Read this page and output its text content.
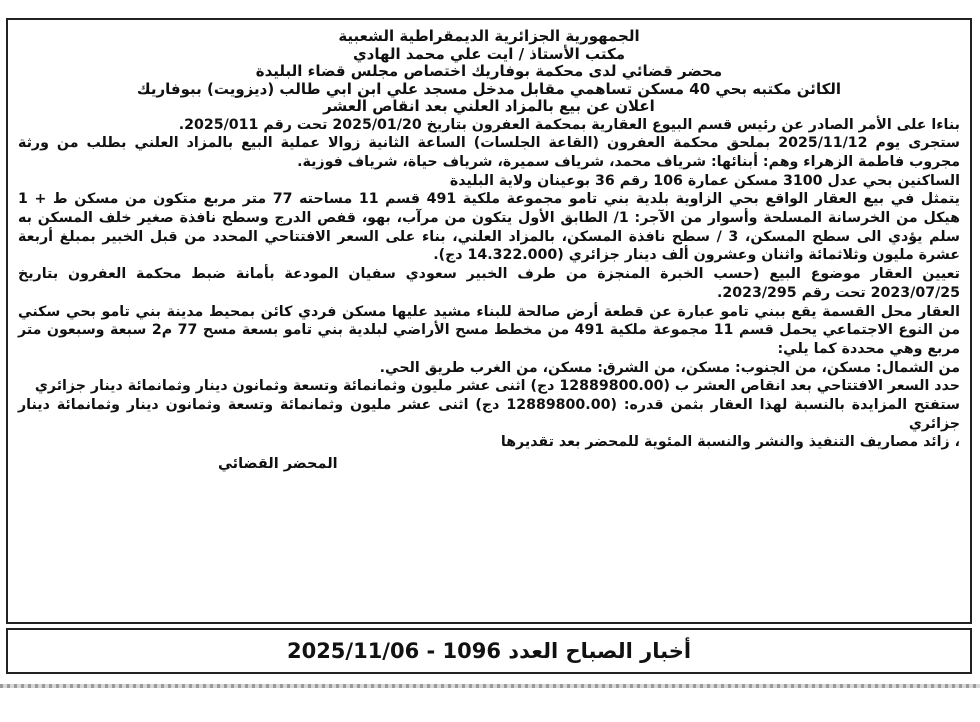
الجمهورية الجزائرية الديمقراطية الشعبية

مكتب الأستاذ / ايت علي محمد الهادي

محضر قضائي لدى محكمة بوفاريك اختصاص مجلس قضاء البليدة

الكائن مكتبه بحي 40 مسكن تساهمي مقابل مدخل مسجد علي ابن ابي طالب (ديزويت) ببوفاريك

اعلان عن بيع بالمزاد العلني بعد انقاص العشر

بناءا على الأمر الصادر عن رئيس قسم البيوع العقارية بمحكمة العفرون بتاريخ 2025/01/20 تحت رقم 2025/011.

ستجرى يوم 2025/11/12 بملحق محكمة العفرون (القاعة الجلسات) الساعة الثانية زوالا عملية البيع بالمزاد العلني بطلب من ورثة مجروب فاطمة الزهراء وهم: أبنائها: شرياف محمد، شرياف سميرة، شرياف حياة، شرياف فوزية.

الساكنين بحي عدل 3100 مسكن عمارة 106 رقم 36 بوعينان ولاية البليدة

يتمثل في بيع العقار الواقع بحي الزاوية بلدية بني تامو مجموعة ملكية 491 قسم 11 مساحته 77 متر مربع متكون من مسكن ط + 1 هيكل من الخرسانة المسلحة وأسوار من الآجر: 1/ الطابق الأول يتكون من مرآب، بهو، قفص الدرج وسطح نافذة صغير خلف المسكن به سلم يؤدي الى سطح المسكن، 3 / سطح نافذة المسكن، بالمزاد العلني، بناء على السعر الافتتاحي المحدد من قبل الخبير بمبلغ أربعة عشرة مليون وثلاثمائة واثنان وعشرون ألف دينار جزائري (14.322.000 دج).

تعيين العقار موضوع البيع (حسب الخبرة المنجزة من طرف الخبير سعودي سفيان المودعة بأمانة ضبط محكمة العفرون بتاريخ 2023/07/25 تحت رقم 2023/295.

العقار محل القسمة يقع ببني تامو عبارة عن قطعة أرض صالحة للبناء مشيد عليها مسكن فردي كائن بمحيط مدينة بني تامو بحي سكني من النوع الاجتماعي يحمل قسم 11 مجموعة ملكية 491 من مخطط مسح الأراضي لبلدية بني تامو بسعة مسح 77 م2 سبعة وسبعون متر مربع وهي محددة كما يلي:

من الشمال: مسكن، من الجنوب: مسكن، من الشرق: مسكن، من الغرب طريق الحي.

حدد السعر الافتتاحي بعد انقاص العشر ب (12889800.00 دج) اثنى عشر مليون وثمانمائة وتسعة وثمانون دينار وثمانمائة دينار جزائري

ستفتح المزايدة بالنسبة لهذا العقار بثمن قدره: (12889800.00 دج) اثنى عشر مليون وثمانمائة وتسعة وثمانون دينار وثمانمائة دينار جزائري

، زائد مصاريف التنفيذ والنشر والنسبة المئوية للمحضر بعد تقديرها

المحضر القضائي

أخبار الصباح العدد 1096 - 2025/11/06
